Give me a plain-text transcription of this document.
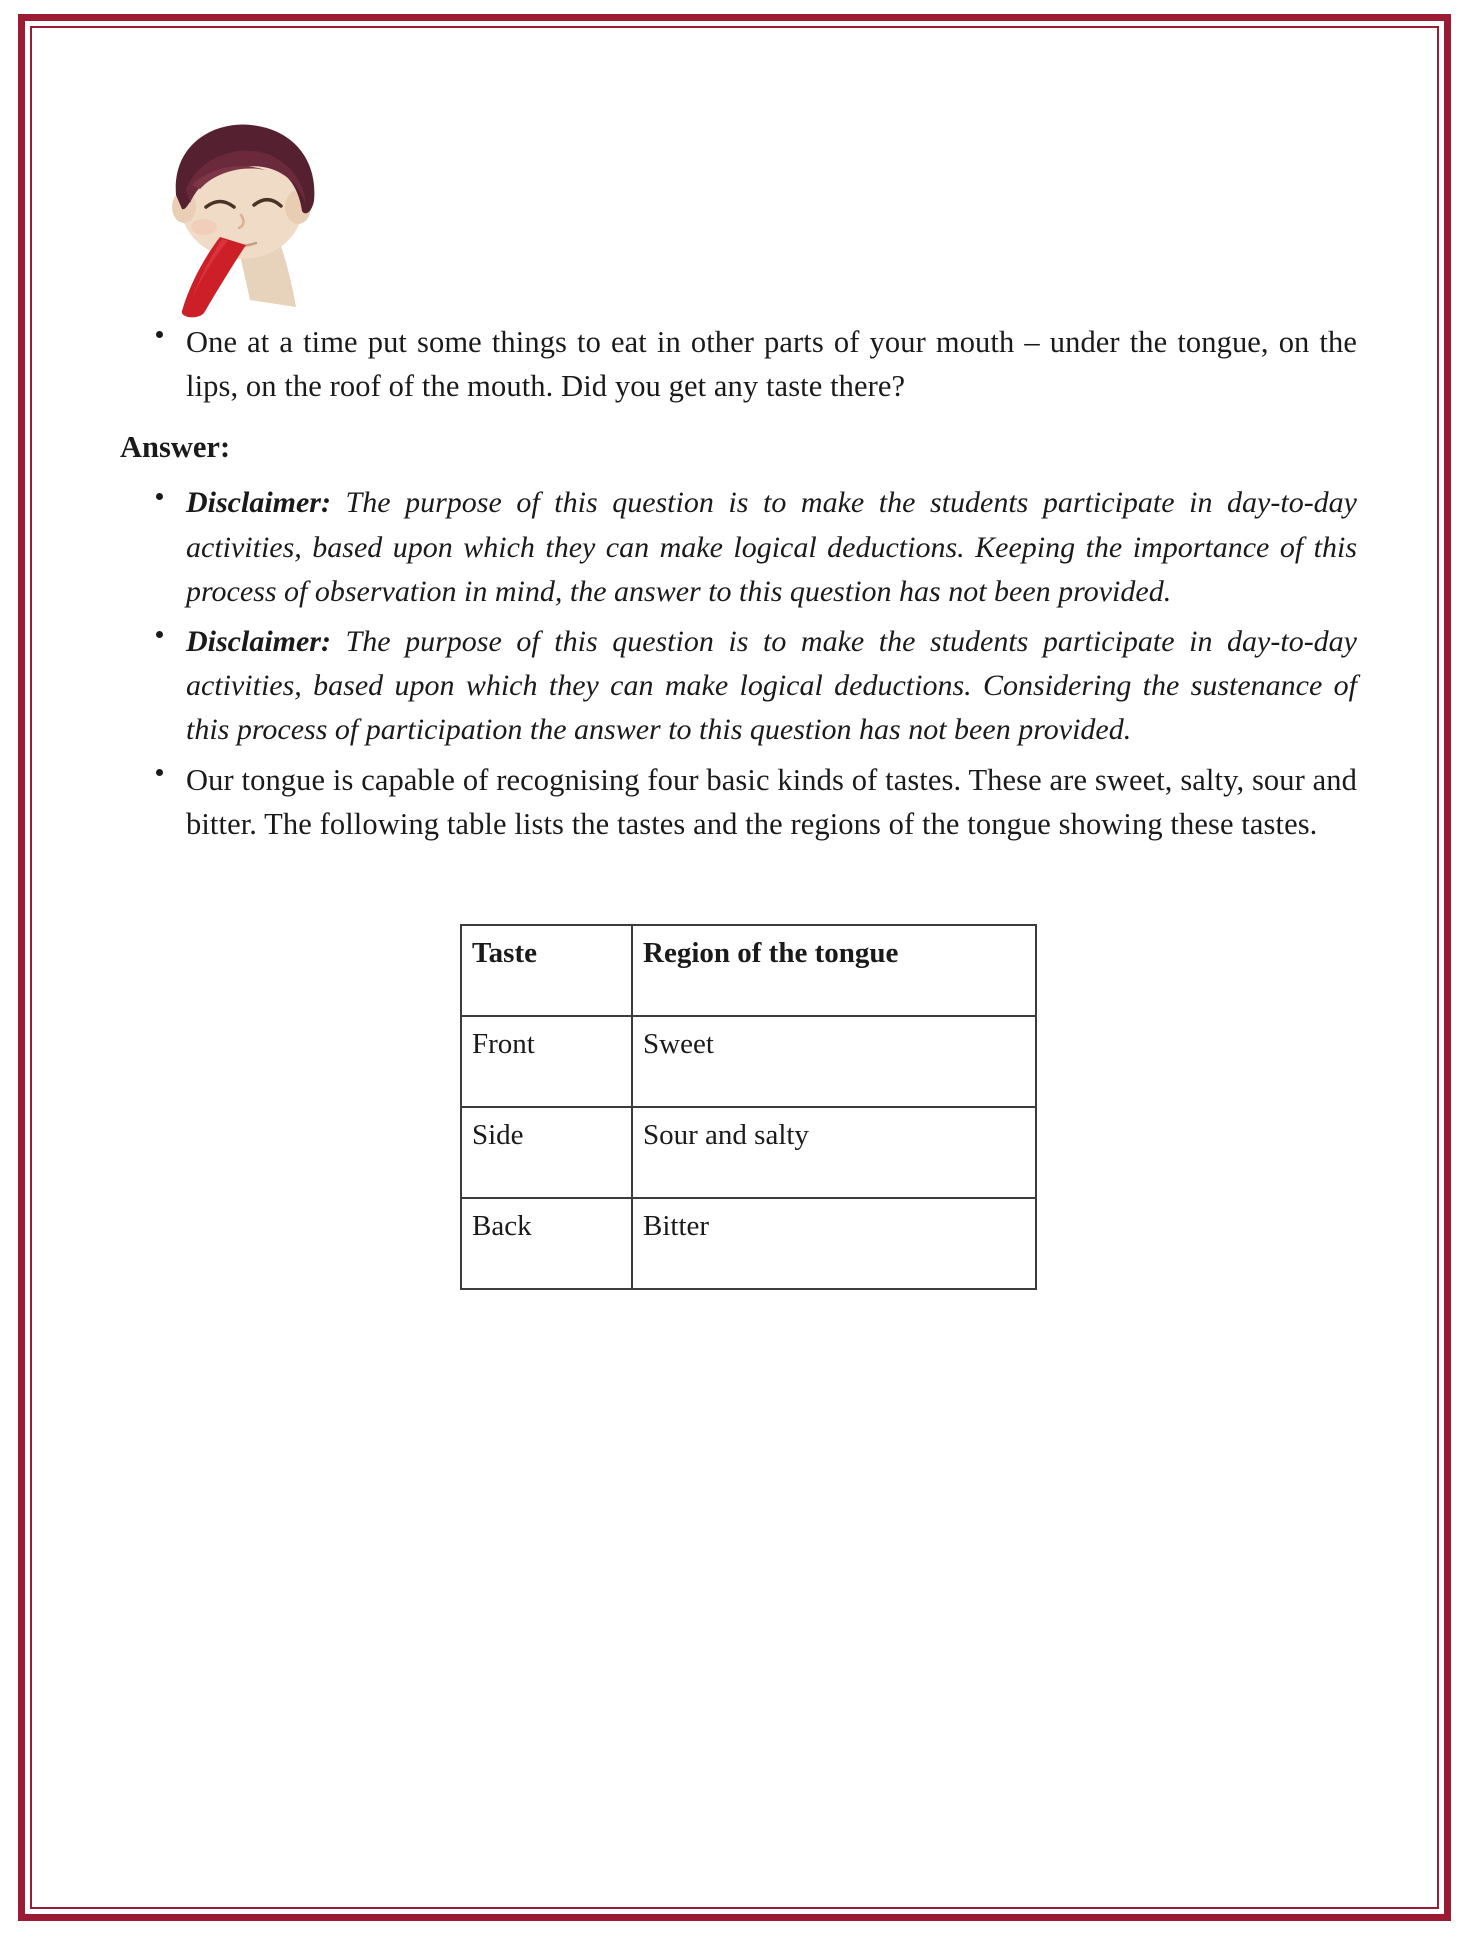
One at a time put some things to eat in other parts of your mouth – under the tongue, on the lips, on the roof of the mouth. Did you get any taste there?
Answer:
Disclaimer: The purpose of this question is to make the students participate in day-to-day activities, based upon which they can make logical deductions. Keeping the importance of this process of observation in mind, the answer to this question has not been provided.
Disclaimer: The purpose of this question is to make the students participate in day-to-day activities, based upon which they can make logical deductions. Considering the sustenance of this process of participation the answer to this question has not been provided.
Our tongue is capable of recognising four basic kinds of tastes. These are sweet, salty, sour and bitter. The following table lists the tastes and the regions of the tongue showing these tastes.
Taste	Region of the tongue
Front	Sweet
Side	Sour and salty
Back	Bitter
